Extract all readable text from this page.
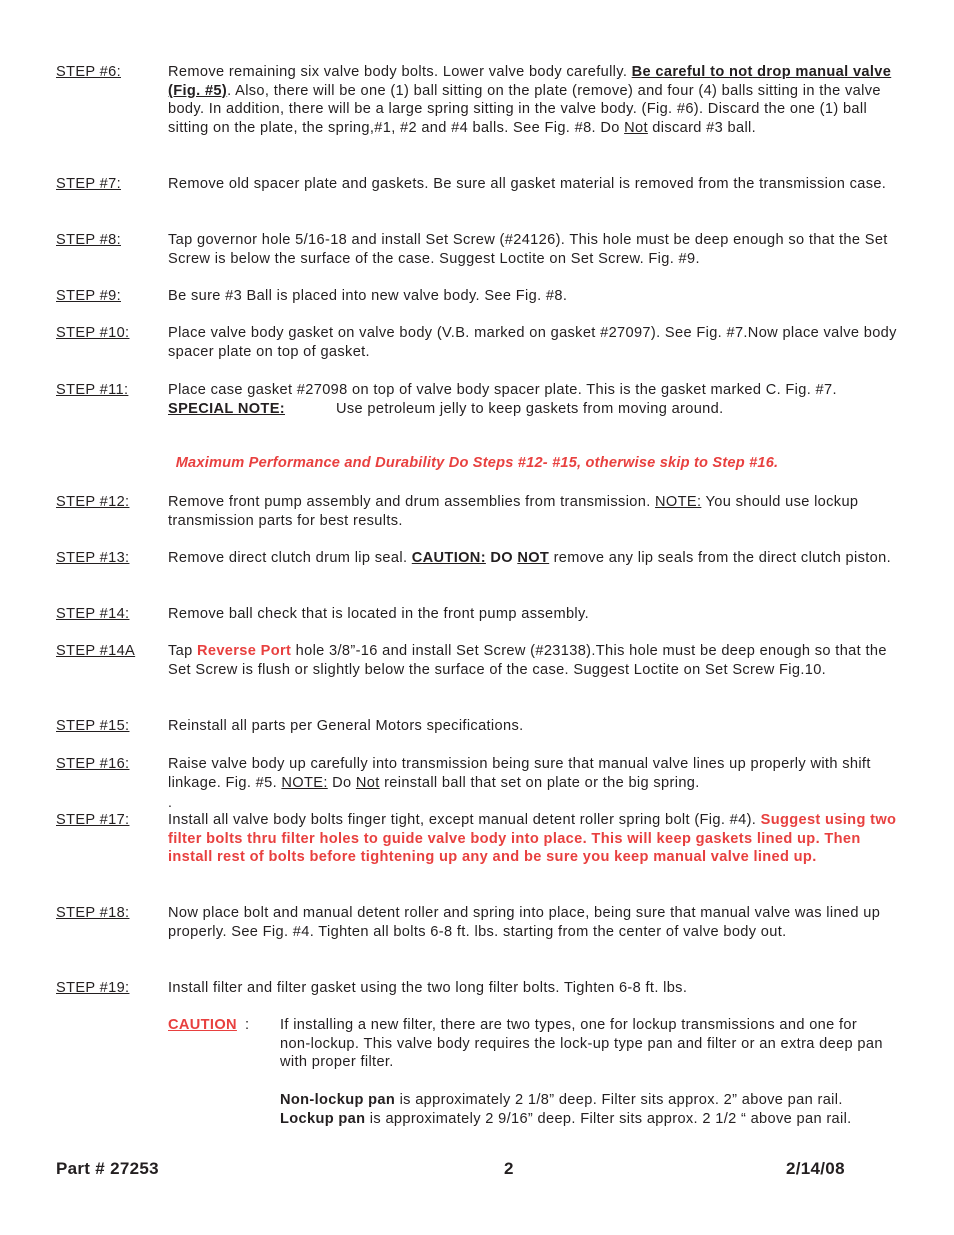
STEP #6:	Remove remaining six valve body bolts. Lower valve body carefully. Be careful to not drop manual valve (Fig. #5). Also, there will be one (1) ball sitting on the plate (remove) and four (4) balls sitting in the valve body. In addition, there will be a large spring sitting in the valve body. (Fig. #6). Discard the one (1) ball sitting on the plate, the spring,#1, #2 and #4 balls. See Fig. #8. Do Not discard #3 ball.
STEP #7:	Remove old spacer plate and gaskets. Be sure all gasket material is removed from the transmission case.
STEP #8:	Tap governor hole 5/16-18 and install Set Screw (#24126). This hole must be deep enough so that the Set Screw is below the surface of the case. Suggest Loctite on Set Screw. Fig. #9.
STEP #9:	Be sure #3 Ball is placed into new valve body. See Fig. #8.
STEP #10:	Place valve body gasket on valve body (V.B. marked on gasket #27097). See Fig. #7.Now place valve body spacer plate on top of gasket.
STEP #11:	Place case gasket #27098 on top of valve body spacer plate. This is the gasket marked C. Fig. #7.
SPECIAL NOTE:	Use petroleum jelly to keep gaskets from moving around.
Maximum Performance and Durability Do Steps #12- #15, otherwise skip to Step #16.
STEP #12:	Remove front pump assembly and drum assemblies from transmission. NOTE: You should use lockup transmission parts for best results.
STEP #13:	Remove direct clutch drum lip seal. CAUTION: DO NOT remove any lip seals from the direct clutch piston.
STEP #14:	Remove ball check that is located in the front pump assembly.
STEP #14A Tap Reverse Port hole 3/8”-16 and install Set Screw (#23138).This hole must be deep enough so that the Set Screw is flush or slightly below the surface of the case. Suggest Loctite on Set Screw Fig.10.
STEP #15:	Reinstall all parts per General Motors specifications.
STEP #16:	Raise valve body up carefully into transmission being sure that manual valve lines up properly with shift linkage. Fig. #5. NOTE: Do Not reinstall ball that set on plate or the big spring.
.
STEP #17:	Install all valve body bolts finger tight, except manual detent roller spring bolt (Fig. #4). Suggest using two filter bolts thru filter holes to guide valve body into place. This will keep gaskets lined up. Then install rest of bolts before tightening up any and be sure you keep manual valve lined up.
STEP #18:	Now place bolt and manual detent roller and spring into place, being sure that manual valve was lined up properly. See Fig. #4. Tighten all bolts 6-8 ft. lbs. starting from the center of valve body out.
STEP #19:	Install filter and filter gasket using the two long filter bolts. Tighten 6-8 ft. lbs.
CAUTION : If installing a new filter, there are two types, one for lockup transmissions and one for non-lockup. This valve body requires the lock-up type pan and filter or an extra deep pan with proper filter.

Non-lockup pan is approximately 2 1/8” deep. Filter sits approx. 2” above pan rail.

Lockup pan is approximately 2 9/16” deep. Filter sits approx. 2 1/2 “ above pan rail.

Part # 27253	2	2/14/08
